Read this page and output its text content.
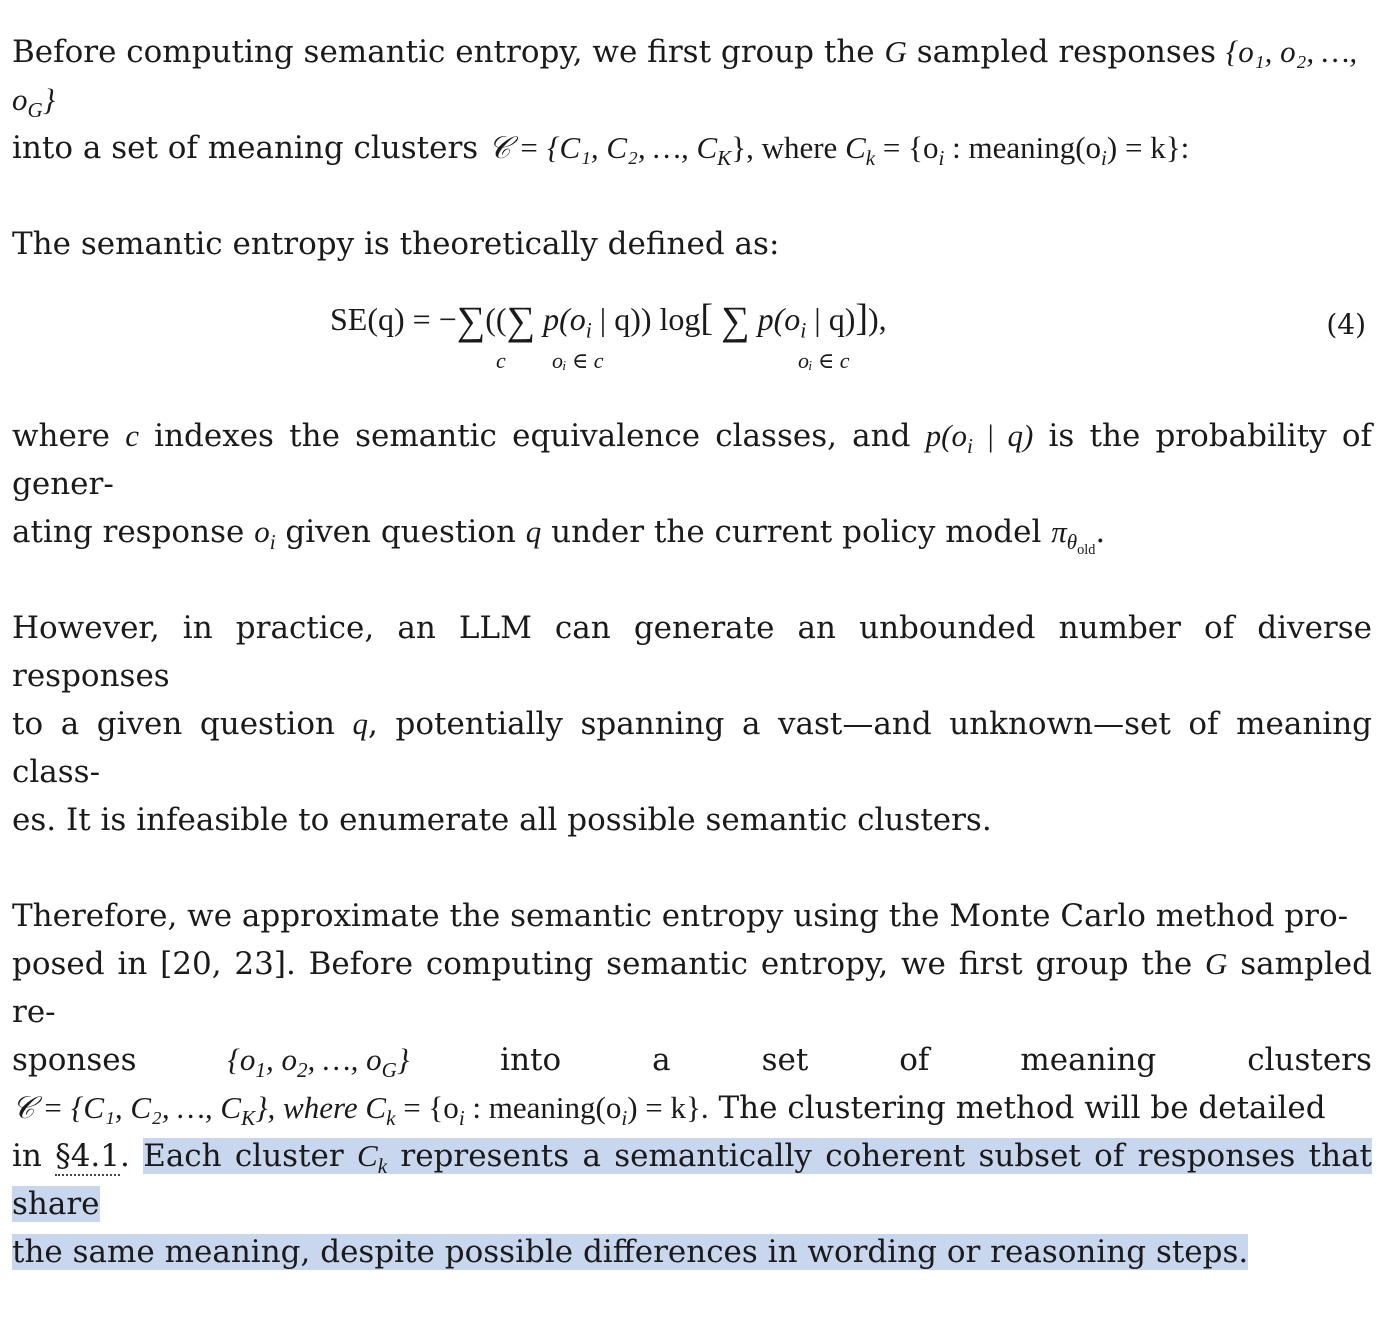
Before computing semantic entropy, we first group the G sampled responses {o₁, o₂, …, $o_G$}
into a set of meaning clusters 𝒞 = {C₁, C₂, …, $C_K$}, where $C_k = \{o_i$ : $meaning(o_i) = k$}:

The semantic entropy is theoretically defined as:

SE(q) = −∑((∑ $p(o_i$ | q)) log[ ∑ $p(o_i$ | q)]),
c oᵢ ∈ c	oᵢ ∈ c
(4)

where c indexes the semantic equivalence classes, and $p(o_i$ | q) is the probability of gener-
ating response $o_i$ given question q under the current policy model $\pi_{\theta_{old}}$.

However, in practice, an LLM can generate an unbounded number of diverse responses
to a given question q, potentially spanning a vast—and unknown—set of meaning class-
es. It is infeasible to enumerate all possible semantic clusters.

Therefore, we approximate the semantic entropy using the Monte Carlo method pro-
posed in [20, 23]. Before computing semantic entropy, we first group the G sampled re-
sponses	{$o_1$, $o_2$, …, $o_G$}	into	a	set	of	meaning	clusters
𝒞 = {C₁, C₂, …, $C_K$}, where $C_k = \{o_i$ : $meaning(o_i) = k$}. The clustering method will be detailed
in §4.1. Each cluster $C_k$ represents a semantically coherent subset of responses that share
the same meaning, despite possible differences in wording or reasoning steps.
